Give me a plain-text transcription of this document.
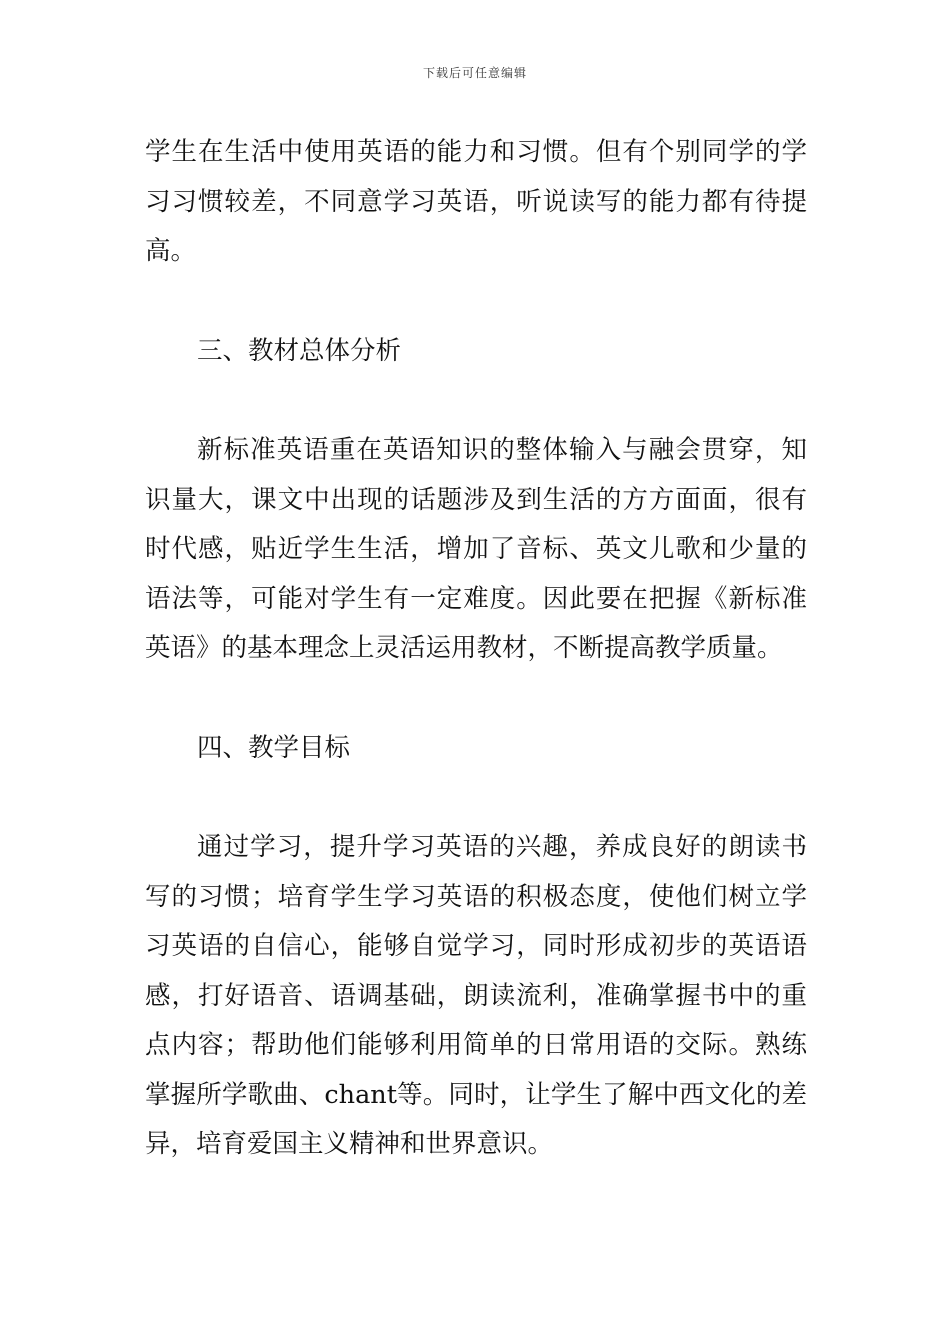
下载后可任意编辑

学生在生活中使用英语的能力和习惯。但有个别同学的学习习惯较差，不同意学习英语，听说读写的能力都有待提高。

三、教材总体分析

新标准英语重在英语知识的整体输入与融会贯穿，知识量大，课文中出现的话题涉及到生活的方方面面，很有时代感，贴近学生生活，增加了音标、英文儿歌和少量的语法等，可能对学生有一定难度。因此要在把握《新标准英语》的基本理念上灵活运用教材，不断提高教学质量。

四、教学目标

通过学习，提升学习英语的兴趣，养成良好的朗读书写的习惯；培育学生学习英语的积极态度，使他们树立学习英语的自信心，能够自觉学习，同时形成初步的英语语感，打好语音、语调基础，朗读流利，准确掌握书中的重点内容；帮助他们能够利用简单的日常用语的交际。熟练掌握所学歌曲、chant等。同时，让学生了解中西文化的差异，培育爱国主义精神和世界意识。
